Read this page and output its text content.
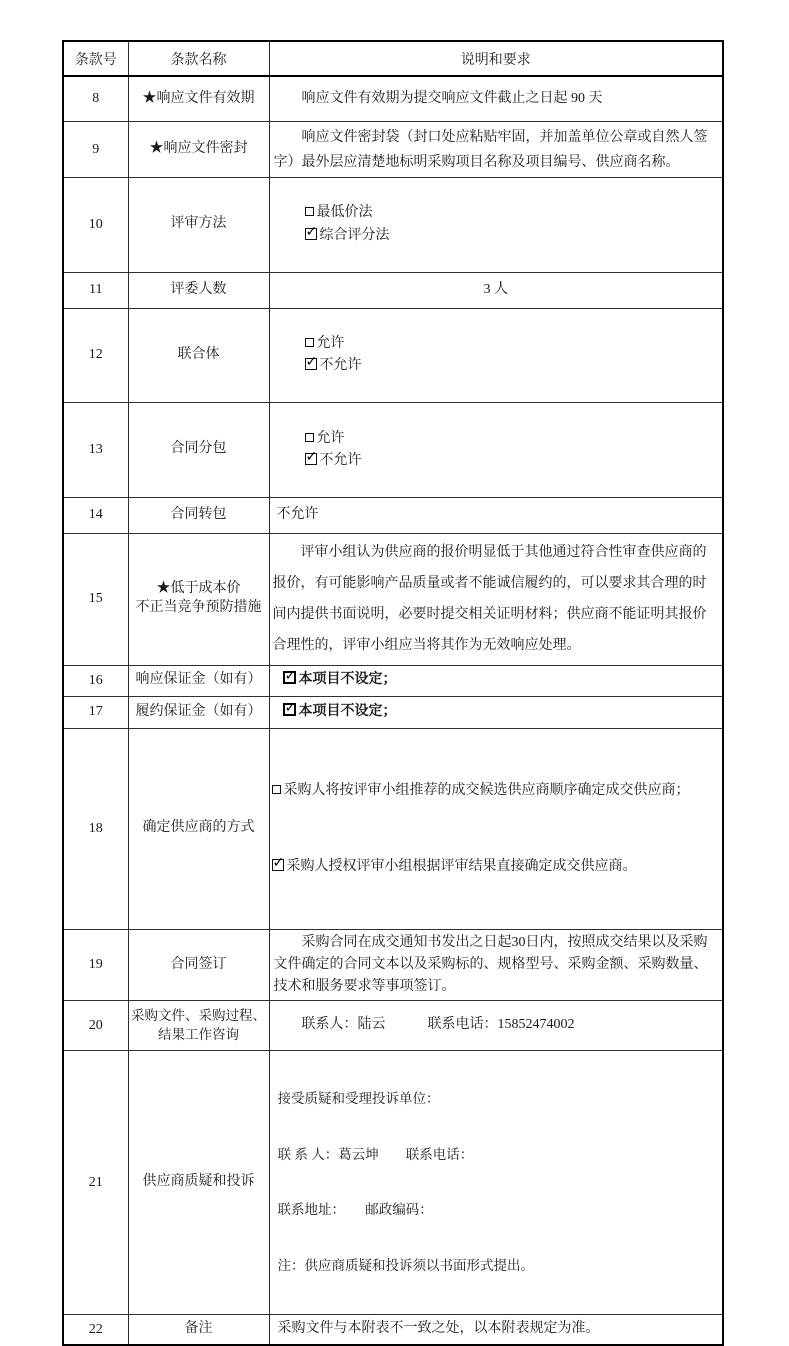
条款号	条款名称	说明和要求
8	★响应文件有效期	响应文件有效期为提交响应文件截止之日起 90 天
9	★响应文件密封	响应文件密封袋（封口处应粘贴牢固，并加盖单位公章或自然人签字）最外层应清楚地标明采购项目名称及项目编号、供应商名称。
10	评审方法	最低价法
✓ 综合评分法

11	评委人数	3 人
12	联合体	允许
✓ 不允许

13	合同分包	允许
✓ 不允许

14	合同转包	不允许
15	★低于成本价
不正当竞争预防措施	评审小组认为供应商的报价明显低于其他通过符合性审查供应商的报价，有可能影响产品质量或者不能诚信履约的，可以要求其合理的时间内提供书面说明，必要时提交相关证明材料；供应商不能证明其报价合理性的，评审小组应当将其作为无效响应处理。
16	响应保证金（如有）	✓本项目不设定；
17	履约保证金（如有）	✓本项目不设定；
18	确定供应商的方式	采购人将按评审小组推荐的成交候选供应商顺序确定成交供应商；

✓采购人授权评审小组根据评审结果直接确定成交供应商。

19	合同签订	采购合同在成交通知书发出之日起30日内，按照成交结果以及采购文件确定的合同文本以及采购标的、规格型号、采购金额、采购数量、技术和服务要求等事项签订。
20	采购文件、采购过程、
结果工作咨询	联系人：陆云　　　联系电话：15852474002
21	供应商质疑和投诉	接受质疑和受理投诉单位：

联 系 人：葛云坤　　联系电话：

联系地址：　　邮政编码：

注：供应商质疑和投诉须以书面形式提出。

22	备注	采购文件与本附表不一致之处，以本附表规定为准。
